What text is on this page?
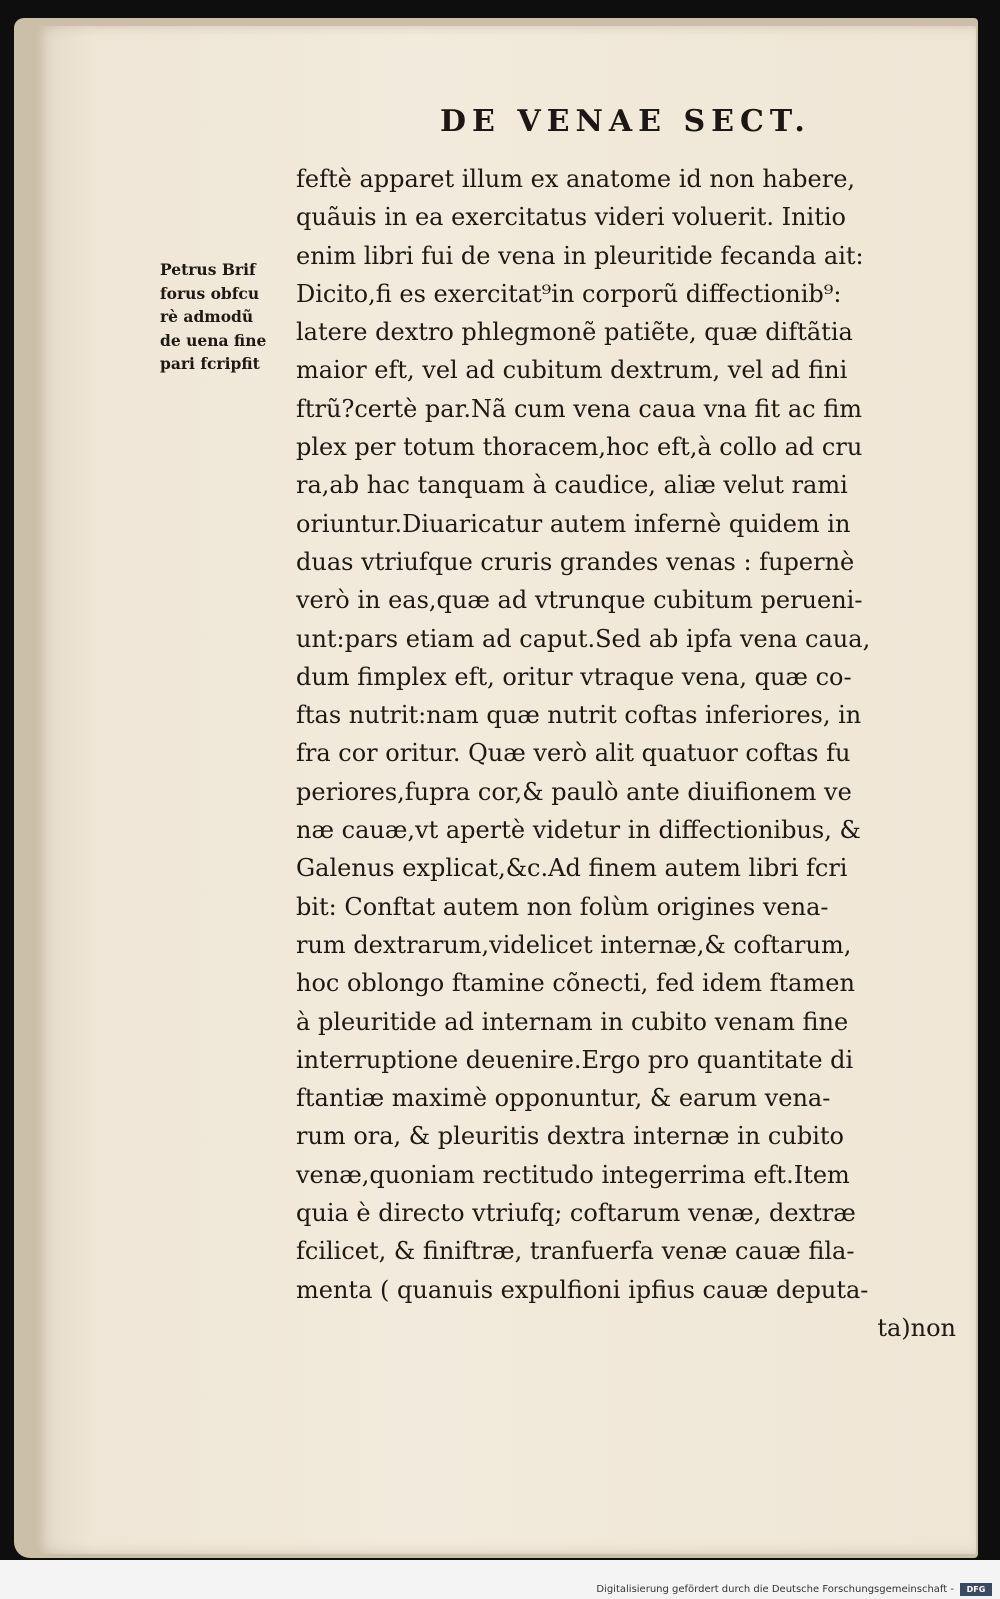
DE VENAE SECT.
Petrus Brif
forus obfcu
rè admodũ
de uena fine
pari fcripfit
feftè apparet illum ex anatome id non habere,
quãuis in ea exercitatus videri voluerit. Initio
enim libri fui de vena in pleuritide fecanda ait:
Dicito,fi es exercitat⁹in corporũ diffectionib⁹:
latere dextro phlegmonẽ patiẽte, quæ diftãtia
maior eft, vel ad cubitum dextrum, vel ad fini
ftrũ?certè par.Nã cum vena caua vna fit ac fim
plex per totum thoracem,hoc eft,à collo ad cru
ra,ab hac tanquam à caudice, aliæ velut rami
oriuntur.Diuaricatur autem infernè quidem in
duas vtriufque cruris grandes venas : fupernè
verò in eas,quæ ad vtrunque cubitum perueni-
unt:pars etiam ad caput.Sed ab ipfa vena caua,
dum fimplex eft, oritur vtraque vena, quæ co-
ftas nutrit:nam quæ nutrit coftas inferiores, in
fra cor oritur. Quæ verò alit quatuor coftas fu
periores,fupra cor,& paulò ante diuifionem ve
næ cauæ,vt apertè videtur in diffectionibus, &
Galenus explicat,&c.Ad finem autem libri fcri
bit: Conftat autem non folùm origines vena-
rum dextrarum,videlicet internæ,& coftarum,
hoc oblongo ftamine cõnecti, fed idem ftamen
à pleuritide ad internam in cubito venam fine
interruptione deuenire.Ergo pro quantitate di
ftantiæ maximè opponuntur, & earum vena-
rum ora, & pleuritis dextra internæ in cubito
venæ,quoniam rectitudo integerrima eft.Item
quia è directo vtriufq; coftarum venæ, dextræ
fcilicet, & finiftræ, tranfuerfa venæ cauæ fila-
menta ( quanuis expulfioni ipfius cauæ deputa-
ta)non
Digitalisierung gefördert durch die Deutsche Forschungsgemeinschaft -	DFG
